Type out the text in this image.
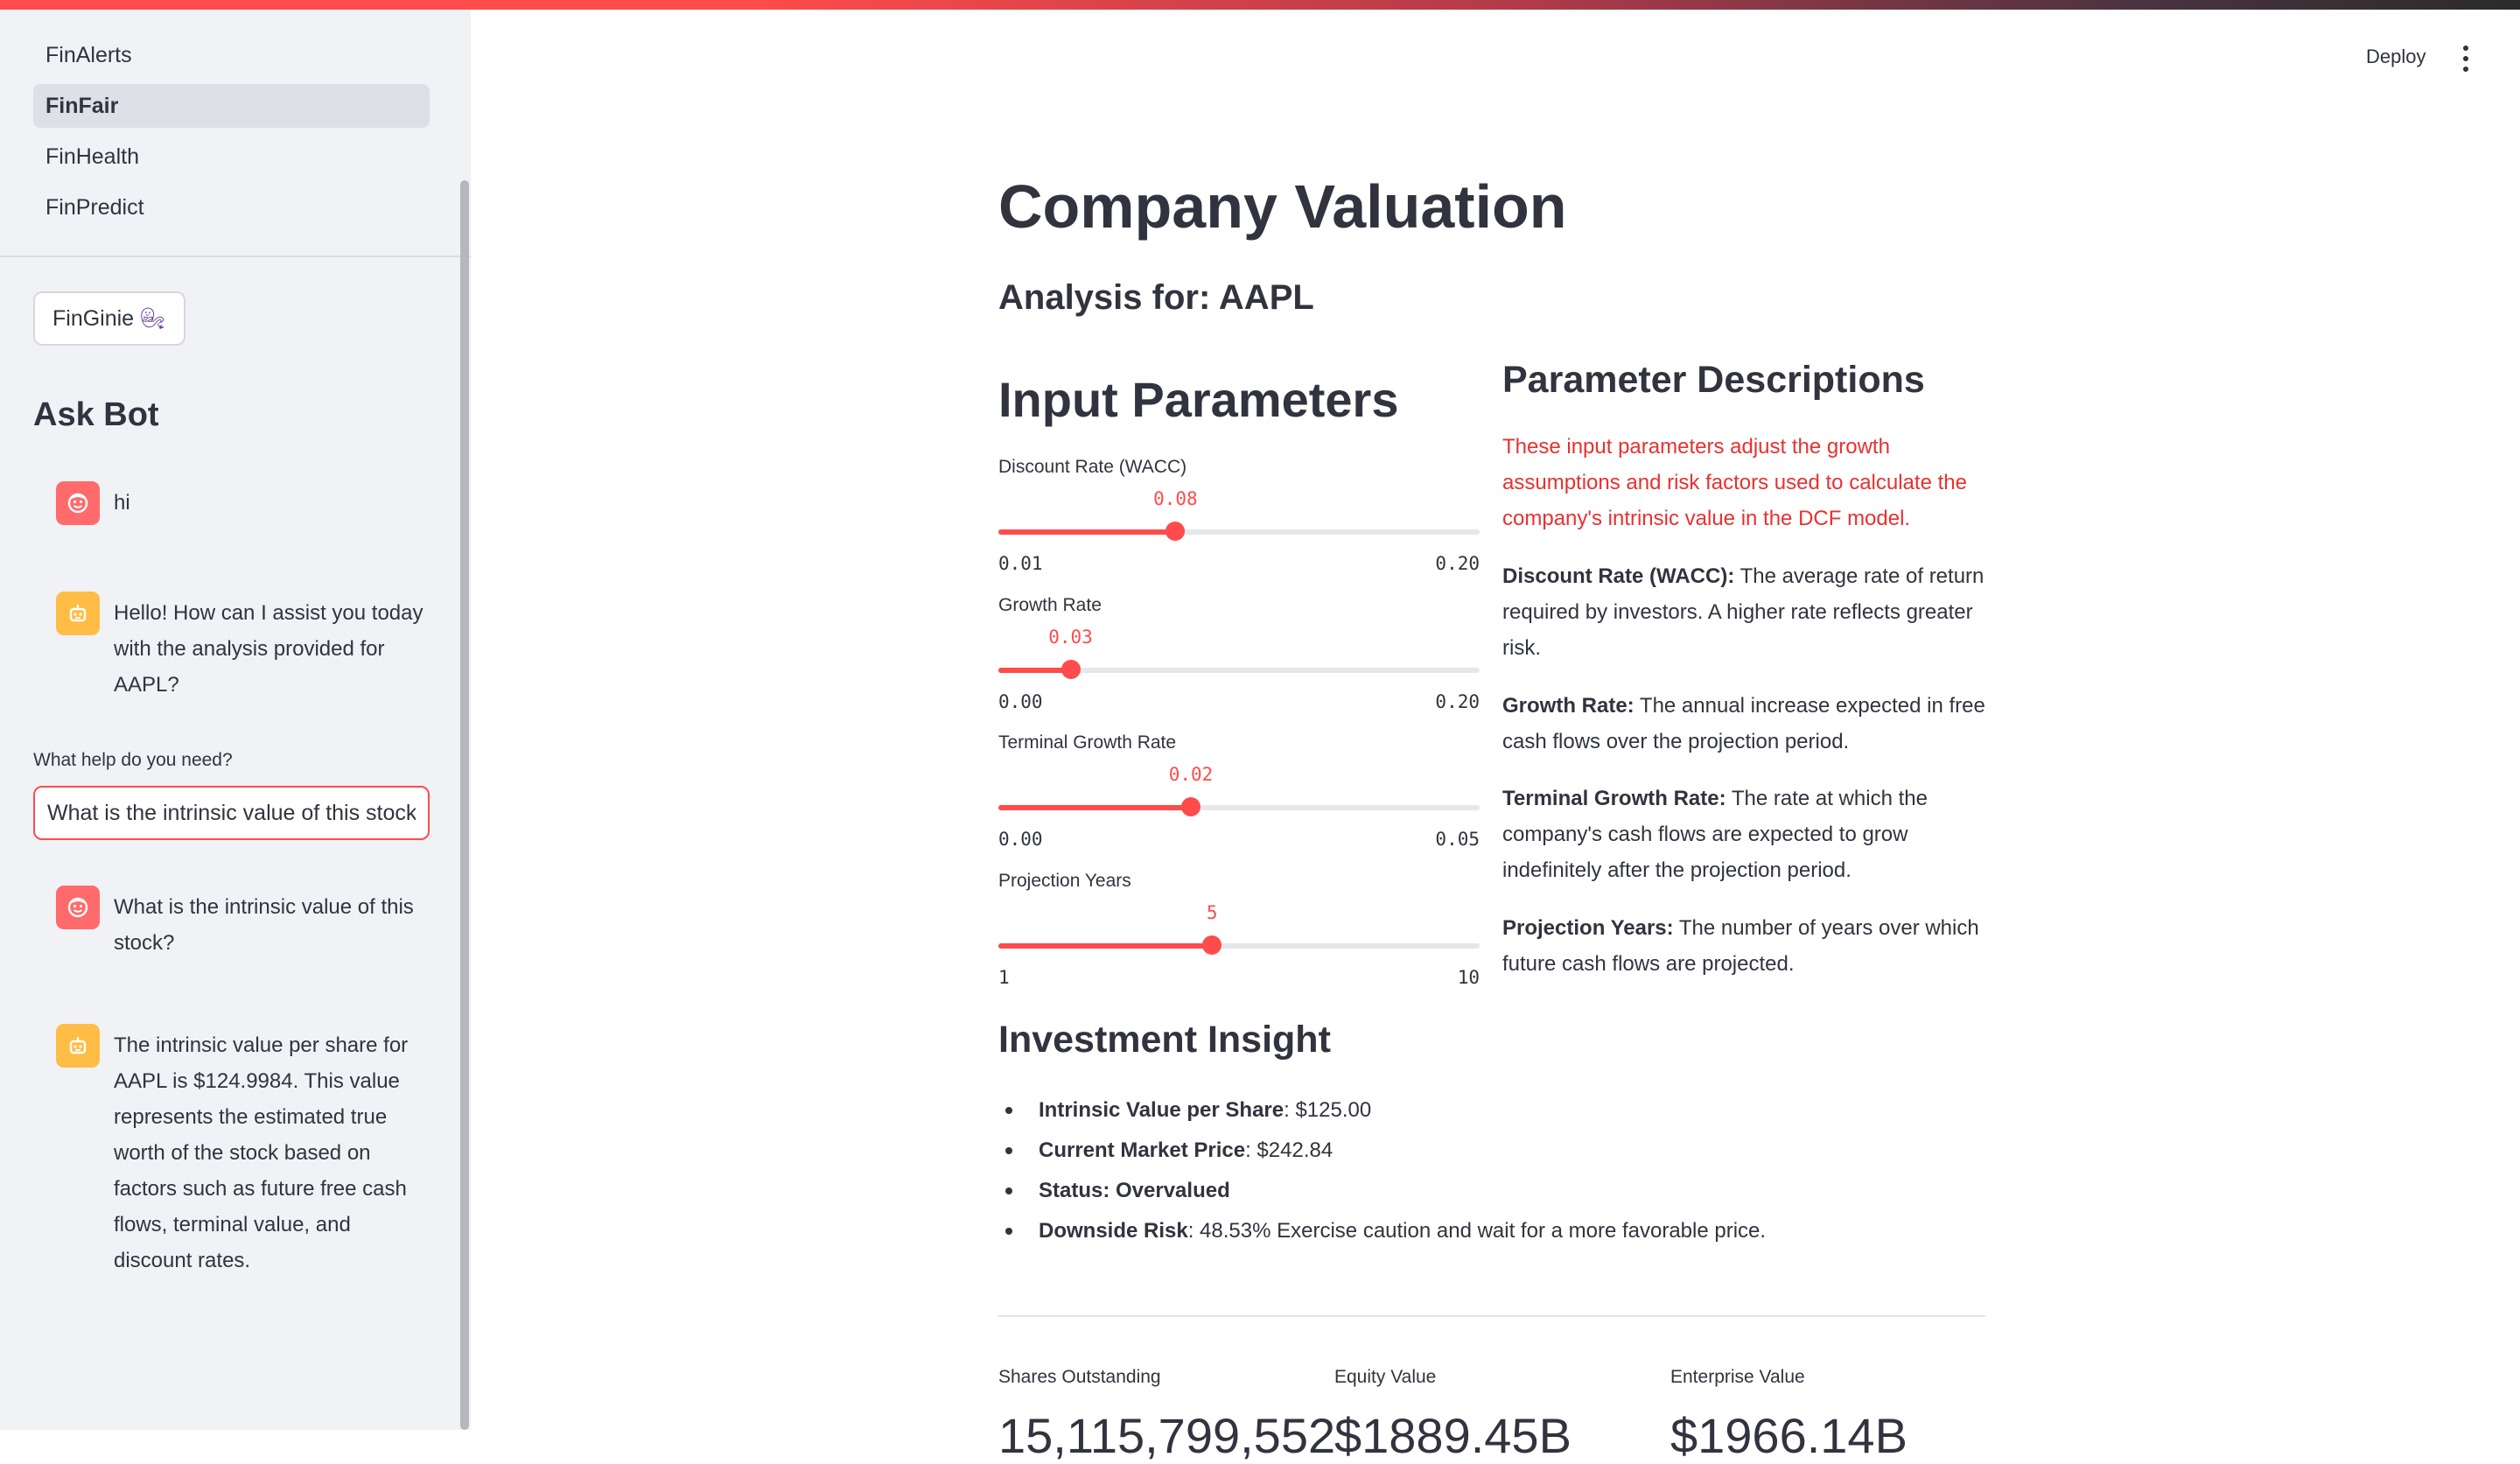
FinAlerts
FinFair
FinHealth
FinPredict
FinGinie 🧞︎
Ask Bot
hi
Hello! How can I assist you today with the analysis provided for AAPL?
What help do you need?
What is the intrinsic value of this stock?
What is the intrinsic value of this stock?
The intrinsic value per share for AAPL is $124.9984. This value represents the estimated true worth of the stock based on factors such as future free cash flows, terminal value, and discount rates.
Deploy
Company Valuation
Analysis for: AAPL
Input Parameters
Discount Rate (WACC)
0.08
0.01	0.20
Growth Rate
0.03
0.00	0.20
Terminal Growth Rate
0.02
0.00	0.05
Projection Years
5
1	10
Parameter Descriptions

These input parameters adjust the growth assumptions and risk factors used to calculate the company's intrinsic value in the DCF model.

Discount Rate (WACC): The average rate of return required by investors. A higher rate reflects greater risk.

Growth Rate: The annual increase expected in free cash flows over the projection period.

Terminal Growth Rate: The rate at which the company's cash flows are expected to grow indefinitely after the projection period.

Projection Years: The number of years over which future cash flows are projected.

Investment Insight
Intrinsic Value per Share: $125.00
Current Market Price: $242.84
Status: Overvalued
Downside Risk: 48.53% Exercise caution and wait for a more favorable price.
Shares Outstanding
15,115,799,552
Equity Value
$1889.45B
Enterprise Value
$1966.14B
